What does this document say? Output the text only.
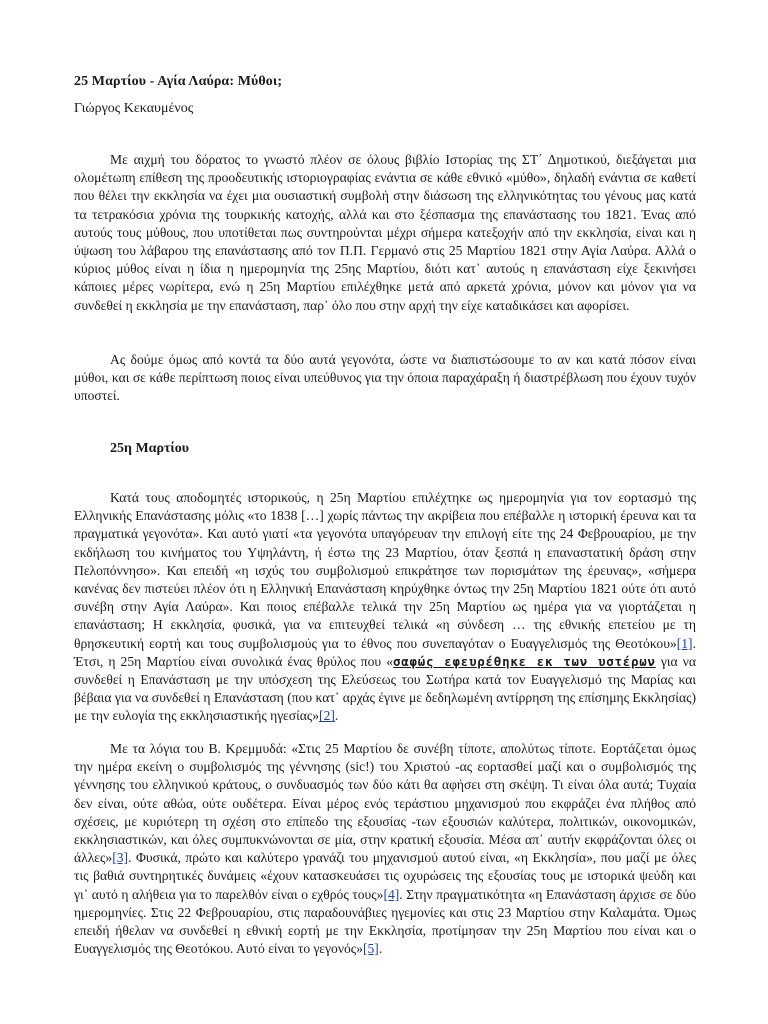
25 Μαρτίου - Αγία Λαύρα: Μύθοι;

Γιώργος Κεκαυμένος

Με αιχμή του δόρατος το γνωστό πλέον σε όλους βιβλίο Ιστορίας της ΣΤ΄ Δημοτικού, διεξάγεται μια ολομέτωπη επίθεση της προοδευτικής ιστοριογραφίας ενάντια σε κάθε εθνικό «μύθο», δηλαδή ενάντια σε καθετί που θέλει την εκκλησία να έχει μια ουσιαστική συμβολή στην διάσωση της ελληνικότητας του γένους μας κατά τα τετρακόσια χρόνια της τουρκικής κατοχής, αλλά και στο ξέσπασμα της επανάστασης του 1821. Ένας από αυτούς τους μύθους, που υποτίθεται πως συντηρούνται μέχρι σήμερα κατεξοχήν από την εκκλησία, είναι και η ύψωση του λάβαρου της επανάστασης από τον Π.Π. Γερμανό στις 25 Μαρτίου 1821 στην Αγία Λαύρα. Αλλά ο κύριος μύθος είναι η ίδια η ημερομηνία της 25ης Μαρτίου, διότι κατ᾽ αυτούς η επανάσταση είχε ξεκινήσει κάποιες μέρες νωρίτερα, ενώ η 25η Μαρτίου επιλέχθηκε μετά από αρκετά χρόνια, μόνον και μόνον για να συνδεθεί η εκκλησία με την επανάσταση, παρ᾽ όλο που στην αρχή την είχε καταδικάσει και αφορίσει.

Ας δούμε όμως από κοντά τα δύο αυτά γεγονότα, ώστε να διαπιστώσουμε το αν και κατά πόσον είναι μύθοι, και σε κάθε περίπτωση ποιος είναι υπεύθυνος για την όποια παραχάραξη ή διαστρέβλωση που έχουν τυχόν υποστεί.

25η Μαρτίου

Κατά τους αποδομητές ιστορικούς, η 25η Μαρτίου επιλέχτηκε ως ημερομηνία για τον εορτασμό της Ελληνικής Επανάστασης μόλις «το 1838 […] χωρίς πάντως την ακρίβεια που επέβαλλε η ιστορική έρευνα και τα πραγματικά γεγονότα». Και αυτό γιατί «τα γεγονότα υπαγόρευαν την επιλογή είτε της 24 Φεβρουαρίου, με την εκδήλωση του κινήματος του Υψηλάντη, ή έστω της 23 Μαρτίου, όταν ξεσπά η επαναστατική δράση στην Πελοπόννησο». Και επειδή «η ισχύς του συμβολισμού επικράτησε των πορισμάτων της έρευνας», «σήμερα κανένας δεν πιστεύει πλέον ότι η Ελληνική Επανάσταση κηρύχθηκε όντως την 25η Μαρτίου 1821 ούτε ότι αυτό συνέβη στην Αγία Λαύρα». Και ποιος επέβαλλε τελικά την 25η Μαρτίου ως ημέρα για να γιορτάζεται η επανάσταση; Η εκκλησία, φυσικά, για να επιτευχθεί τελικά «η σύνδεση … της εθνικής επετείου με τη θρησκευτική εορτή και τους συμβολισμούς για το έθνος που συνεπαγόταν ο Ευαγγελισμός της Θεοτόκου»[1]. Έτσι, η 25η Μαρτίου είναι συνολικά ένας θρύλος που «σαφώς εφευρέθηκε εκ των υστέρων για να συνδεθεί η Επανάσταση με την υπόσχεση της Ελεύσεως του Σωτήρα κατά τον Ευαγγελισμό της Μαρίας και βέβαια για να συνδεθεί η Επανάσταση (που κατ᾽ αρχάς έγινε με δεδηλωμένη αντίρρηση της επίσημης Εκκλησίας) με την ευλογία της εκκλησιαστικής ηγεσίας»[2].

Με τα λόγια του Β. Κρεμμυδά: «Στις 25 Μαρτίου δε συνέβη τίποτε, απολύτως τίποτε. Εορτάζεται όμως την ημέρα εκείνη ο συμβολισμός της γέννησης (sic!) του Χριστού -ας εορτασθεί μαζί και ο συμβολισμός της γέννησης του ελληνικού κράτους, ο συνδυασμός των δύο κάτι θα αφήσει στη σκέψη. Τι είναι όλα αυτά; Τυχαία δεν είναι, ούτε αθώα, ούτε ουδέτερα. Είναι μέρος ενός τεράστιου μηχανισμού που εκφράζει ένα πλήθος από σχέσεις, με κυριότερη τη σχέση στο επίπεδο της εξουσίας -των εξουσιών καλύτερα, πολιτικών, οικονομικών, εκκλησιαστικών, και όλες συμπυκνώνονται σε μία, στην κρατική εξουσία. Μέσα απ᾽ αυτήν εκφράζονται όλες οι άλλες»[3]. Φυσικά, πρώτο και καλύτερο γρανάζι του μηχανισμού αυτού είναι, «η Εκκλησία», που μαζί με όλες τις βαθιά συντηρητικές δυνάμεις «έχουν κατασκευάσει τις οχυρώσεις της εξουσίας τους με ιστορικά ψεύδη και γι᾽ αυτό η αλήθεια για το παρελθόν είναι ο εχθρός τους»[4]. Στην πραγματικότητα «η Επανάσταση άρχισε σε δύο ημερομηνίες. Στις 22 Φεβρουαρίου, στις παραδουνάβιες ηγεμονίες και στις 23 Μαρτίου στην Καλαμάτα. Όμως επειδή ήθελαν να συνδεθεί η εθνική εορτή με την Εκκλησία, προτίμησαν την 25η Μαρτίου που είναι και ο Ευαγγελισμός της Θεοτόκου. Αυτό είναι το γεγονός»[5].
